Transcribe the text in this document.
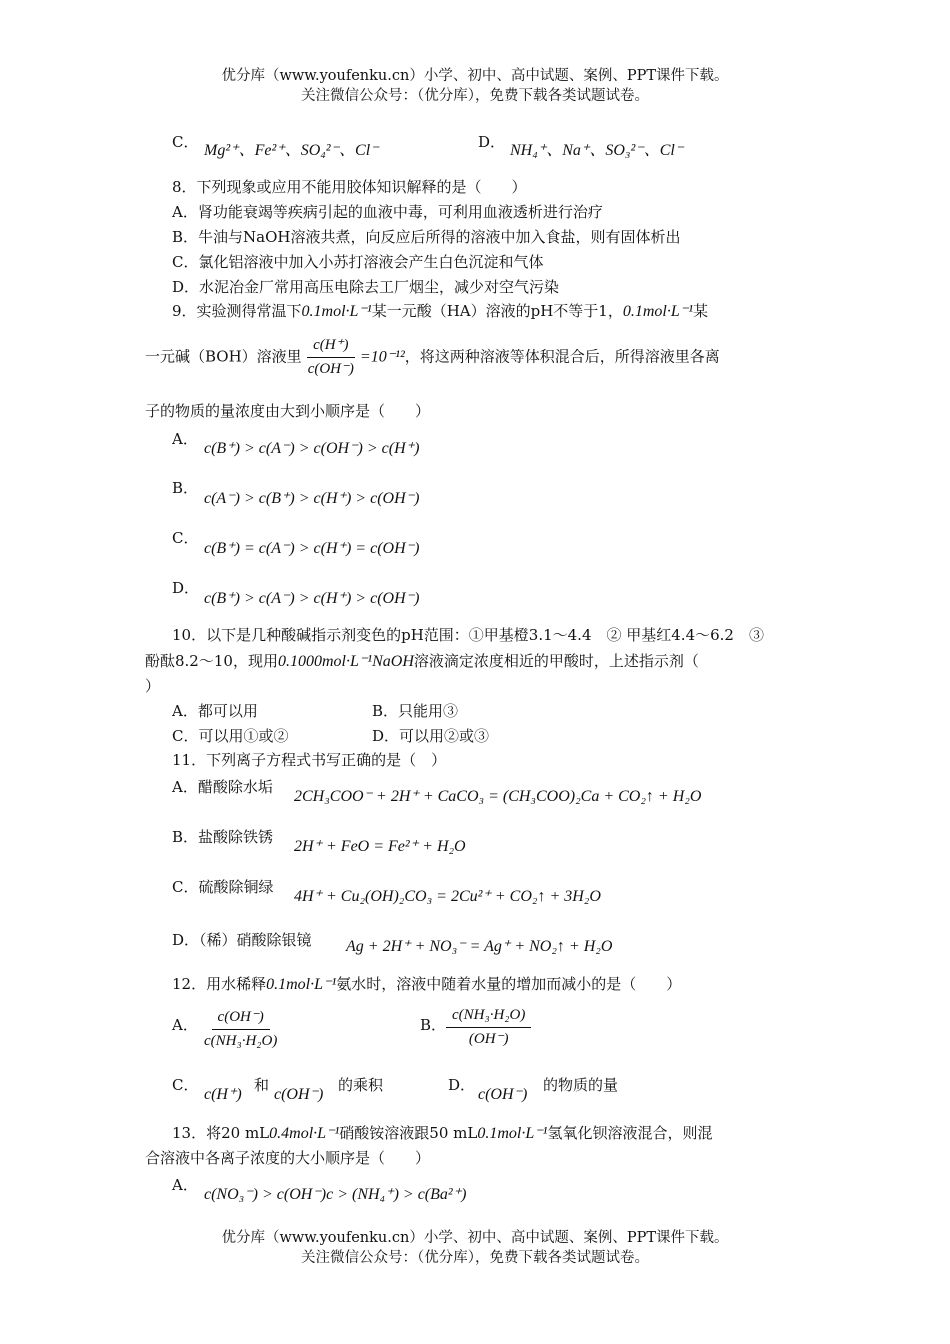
优分库（www.youfenku.cn）小学、初中、高中试题、案例、PPT课件下载。
关注微信公众号：（优分库），免费下载各类试题试卷。
C． Mg²⁺、Fe²⁺、SO₄²⁻、Cl⁻	D． NH₄⁺、Na⁺、SO₃²⁻、Cl⁻
8．下列现象或应用不能用胶体知识解释的是（　　）
A．肾功能衰竭等疾病引起的血液中毒，可利用血液透析进行治疗
B．牛油与NaOH溶液共煮，向反应后所得的溶液中加入食盐，则有固体析出
C．氯化铝溶液中加入小苏打溶液会产生白色沉淀和气体
D．水泥冶金厂常用高压电除去工厂烟尘，减少对空气污染
9．实验测得常温下0.1mol·L⁻¹某一元酸（HA）溶液的pH不等于1，0.1mol·L⁻¹某
一元碱（BOH）溶液里 $\frac{c(H^+)}{c(OH^-)} =10^{-12}$，将这两种溶液等体积混合后，所得溶液里各离
子的物质的量浓度由大到小顺序是（　　）
A．
c(B⁺) > c(A⁻) > c(OH⁻) > c(H⁺)
B．
c(A⁻) > c(B⁺) > c(H⁺) > c(OH⁻)
C．
c(B⁺) = c(A⁻) > c(H⁺) = c(OH⁻)
D．
c(B⁺) > c(A⁻) > c(H⁺) > c(OH⁻)
10．以下是几种酸碱指示剂变色的pH范围：①甲基橙3.1～4.4　② 甲基红4.4～6.2　③
酚酞8.2～10，现用0.1000mol·L⁻¹NaOH溶液滴定浓度相近的甲酸时，上述指示剂（
）
A．都可以用	B．只能用③
C．可以用①或②	D．可以用②或③
11．下列离子方程式书写正确的是（　）
A．醋酸除水垢
2CH₃COO⁻ + 2H⁺ + CaCO₃ = (CH₃COO)₂Ca + CO₂↑ + H₂O
B．盐酸除铁锈
2H⁺ + FeO = Fe²⁺ + H₂O
C．硫酸除铜绿
4H⁺ + Cu₂(OH)₂CO₃ = 2Cu²⁺ + CO₂↑ + 3H₂O
D．（稀）硝酸除银镜 Ag + 2H⁺ + NO₃⁻ = Ag⁺ + NO₂↑ + H₂O
12．用水稀释0.1mol·L⁻¹氨水时，溶液中随着水量的增加而减小的是（　　）
A． $\frac{c(OH^-)}{\text{c(NH₃·H₂O)}}$	B． $\frac{\text{c(NH₃·H₂O)}}{(OH^-)}$
C．
c(H⁺)
和
c(OH⁻)
的乘积	D．
c(OH⁻)
的物质的量
13．将20 mL0.4mol·L⁻¹硝酸铵溶液跟50 mL0.1mol·L⁻¹氢氧化钡溶液混合，则混
合溶液中各离子浓度的大小顺序是（　　）
A．
c(NO₃⁻) > c(OH⁻)c > (NH₄⁺) > c(Ba²⁺)
优分库（www.youfenku.cn）小学、初中、高中试题、案例、PPT课件下载。
关注微信公众号：（优分库），免费下载各类试题试卷。
